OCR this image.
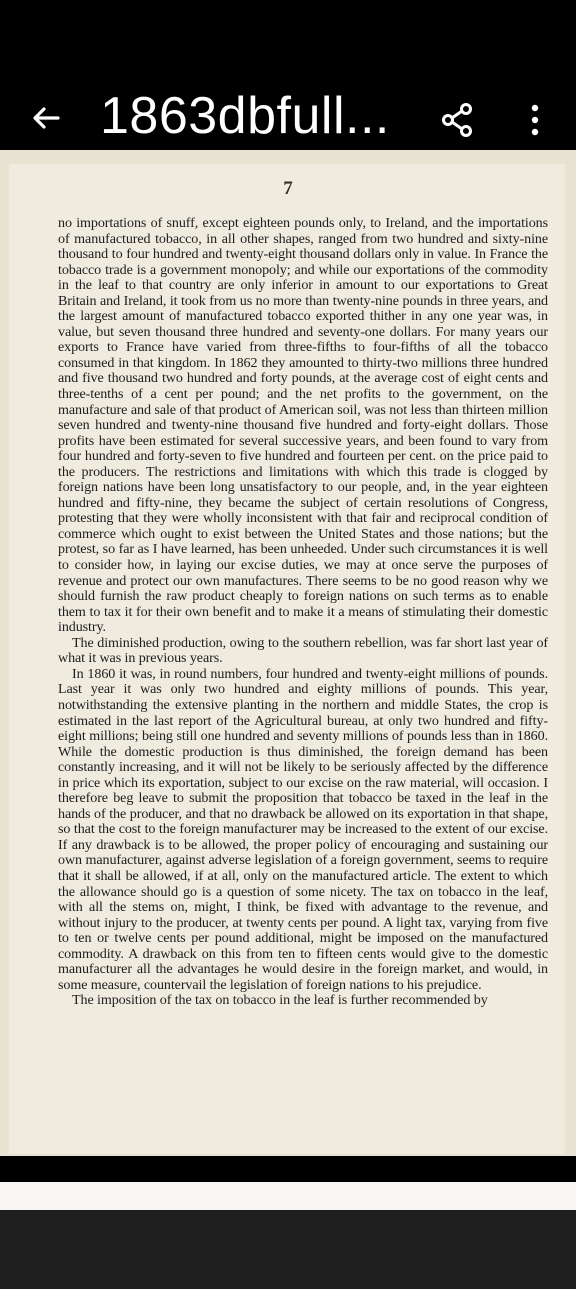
1863dbfull...
7

no importations of snuff, except eighteen pounds only, to Ireland, and the importations of manufactured tobacco, in all other shapes, ranged from two hundred and sixty-nine thousand to four hundred and twenty-eight thousand dollars only in value. In France the tobacco trade is a government monopoly; and while our exportations of the commodity in the leaf to that country are only inferior in amount to our exportations to Great Britain and Ireland, it took from us no more than twenty-nine pounds in three years, and the largest amount of manufactured tobacco exported thither in any one year was, in value, but seven thousand three hundred and seventy-one dollars. For many years our exports to France have varied from three-fifths to four-fifths of all the tobacco consumed in that kingdom. In 1862 they amounted to thirty-two millions three hundred and five thousand two hundred and forty pounds, at the average cost of eight cents and three-tenths of a cent per pound; and the net profits to the government, on the manufacture and sale of that product of American soil, was not less than thirteen million seven hundred and twenty-nine thousand five hundred and forty-eight dollars. Those profits have been estimated for several successive years, and been found to vary from four hundred and forty-seven to five hundred and fourteen per cent. on the price paid to the producers. The restrictions and limitations with which this trade is clogged by foreign nations have been long unsatisfactory to our people, and, in the year eighteen hundred and fifty-nine, they became the subject of certain resolutions of Congress, protesting that they were wholly inconsistent with that fair and reciprocal condition of commerce which ought to exist between the United States and those nations; but the protest, so far as I have learned, has been unheeded. Under such circumstances it is well to consider how, in laying our excise duties, we may at once serve the purposes of revenue and protect our own manufactures. There seems to be no good reason why we should furnish the raw product cheaply to foreign nations on such terms as to enable them to tax it for their own benefit and to make it a means of stimulating their domestic industry.

The diminished production, owing to the southern rebellion, was far short last year of what it was in previous years.

In 1860 it was, in round numbers, four hundred and twenty-eight millions of pounds. Last year it was only two hundred and eighty millions of pounds. This year, notwithstanding the extensive planting in the northern and middle States, the crop is estimated in the last report of the Agricultural bureau, at only two hundred and fifty-eight millions; being still one hundred and seventy millions of pounds less than in 1860. While the domestic production is thus diminished, the foreign demand has been constantly increasing, and it will not be likely to be seriously affected by the difference in price which its exportation, subject to our excise on the raw material, will occasion. I therefore beg leave to submit the proposition that tobacco be taxed in the leaf in the hands of the producer, and that no drawback be allowed on its exportation in that shape, so that the cost to the foreign manufacturer may be increased to the extent of our excise. If any drawback is to be allowed, the proper policy of encouraging and sustaining our own manufacturer, against adverse legislation of a foreign government, seems to require that it shall be allowed, if at all, only on the manufactured article. The extent to which the allowance should go is a question of some nicety. The tax on tobacco in the leaf, with all the stems on, might, I think, be fixed with advantage to the revenue, and without injury to the producer, at twenty cents per pound. A light tax, varying from five to ten or twelve cents per pound additional, might be imposed on the manufactured commodity. A drawback on this from ten to fifteen cents would give to the domestic manufacturer all the advantages he would desire in the foreign market, and would, in some measure, countervail the legislation of foreign nations to his prejudice.

The imposition of the tax on tobacco in the leaf is further recommended by
